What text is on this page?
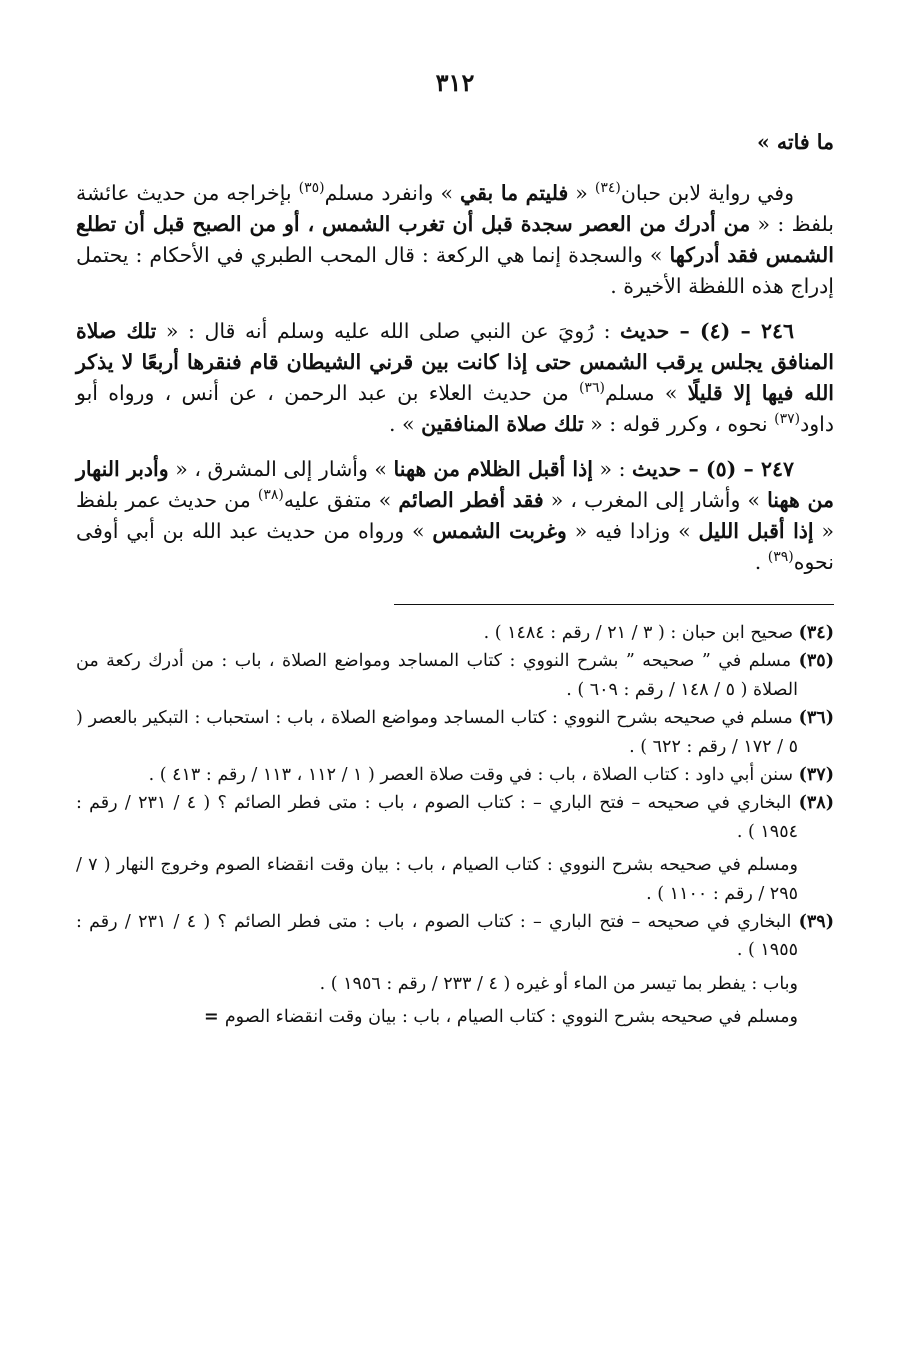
٣١٢

ما فاته »

وفي رواية لابن حبان$^{(٣٤)}$ « فليتم ما بقي » وانفرد مسلم$^{(٣٥)}$ بإخراجه من حديث عائشة بلفظ : « من أدرك من العصر سجدة قبل أن تغرب الشمس ، أو من الصبح قبل أن تطلع الشمس فقد أدركها » والسجدة إنما هي الركعة : قال المحب الطبري في الأحكام : يحتمل إدراج هذه اللفظة الأخيرة .

٢٤٦ – (٤) – حديث : رُويَ عن النبي صلى الله عليه وسلم أنه قال : « تلك صلاة المنافق يجلس يرقب الشمس حتى إذا كانت بين قرني الشيطان قام فنقرها أربعًا لا يذكر الله فيها إلا قليلًا » مسلم$^{(٣٦)}$ من حديث العلاء بن عبد الرحمن ، عن أنس ، ورواه أبو داود$^{(٣٧)}$ نحوه ، وكرر قوله : « تلك صلاة المنافقين » .

٢٤٧ – (٥) – حديث : « إذا أقبل الظلام من ههنا » وأشار إلى المشرق ، « وأدبر النهار من ههنا » وأشار إلى المغرب ، « فقد أفطر الصائم » متفق عليه$^{(٣٨)}$ من حديث عمر بلفظ « إذا أقبل الليل » وزادا فيه « وغربت الشمس » ورواه من حديث عبد الله بن أبي أوفى نحوه$^{(٣٩)}$ .

(٣٤) صحيح ابن حبان : ( ٣ / ٢١ / رقم : ١٤٨٤ ) .

(٣٥) مسلم في ” صحيحه ” بشرح النووي : كتاب المساجد ومواضع الصلاة ، باب : من أدرك ركعة من الصلاة ( ٥ / ١٤٨ / رقم : ٦٠٩ ) .

(٣٦) مسلم في صحيحه بشرح النووي : كتاب المساجد ومواضع الصلاة ، باب : استحباب : التبكير بالعصر ( ٥ / ١٧٢ / رقم : ٦٢٢ ) .

(٣٧) سنن أبي داود : كتاب الصلاة ، باب : في وقت صلاة العصر ( ١ / ١١٢ ، ١١٣ / رقم : ٤١٣ ) .

(٣٨) البخاري في صحيحه – فتح الباري – : كتاب الصوم ، باب : متى فطر الصائم ؟ ( ٤ / ٢٣١ / رقم : ١٩٥٤ ) .

ومسلم في صحيحه بشرح النووي : كتاب الصيام ، باب : بيان وقت انقضاء الصوم وخروج النهار ( ٧ / ٢٩٥ / رقم : ١١٠٠ ) .

(٣٩) البخاري في صحيحه – فتح الباري – : كتاب الصوم ، باب : متى فطر الصائم ؟ ( ٤ / ٢٣١ / رقم : ١٩٥٥ ) .

وباب : يفطر بما تيسر من الماء أو غيره ( ٤ / ٢٣٣ / رقم : ١٩٥٦ ) .

ومسلم في صحيحه بشرح النووي : كتاب الصيام ، باب : بيان وقت انقضاء الصوم =
